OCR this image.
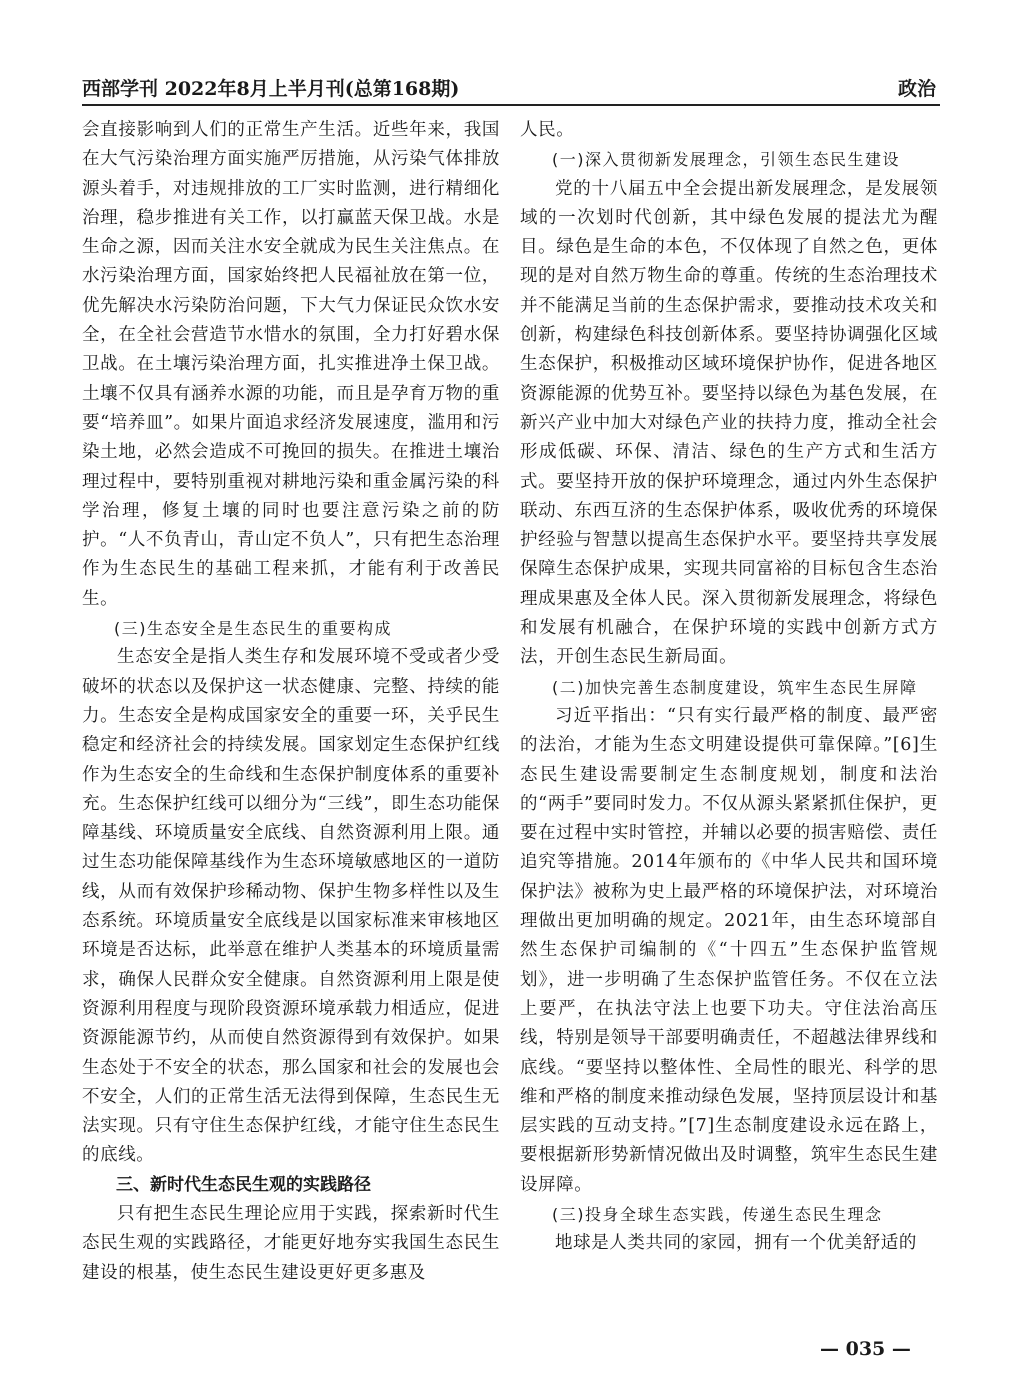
西部学刊 2022年8月上半月刊(总第168期)	政治

会直接影响到人们的正常生产生活。近些年来，我国在大气污染治理方面实施严厉措施，从污染气体排放源头着手，对违规排放的工厂实时监测，进行精细化治理，稳步推进有关工作，以打赢蓝天保卫战。水是生命之源，因而关注水安全就成为民生关注焦点。在水污染治理方面，国家始终把人民福祉放在第一位，优先解决水污染防治问题，下大气力保证民众饮水安全，在全社会营造节水惜水的氛围，全力打好碧水保卫战。在土壤污染治理方面，扎实推进净土保卫战。土壤不仅具有涵养水源的功能，而且是孕育万物的重要“培养皿”。如果片面追求经济发展速度，滥用和污染土地，必然会造成不可挽回的损失。在推进土壤治理过程中，要特别重视对耕地污染和重金属污染的科学治理，修复土壤的同时也要注意污染之前的防护。“人不负青山，青山定不负人”，只有把生态治理作为生态民生的基础工程来抓，才能有利于改善民生。

(三)生态安全是生态民生的重要构成

生态安全是指人类生存和发展环境不受或者少受破坏的状态以及保护这一状态健康、完整、持续的能力。生态安全是构成国家安全的重要一环，关乎民生稳定和经济社会的持续发展。国家划定生态保护红线作为生态安全的生命线和生态保护制度体系的重要补充。生态保护红线可以细分为“三线”，即生态功能保障基线、环境质量安全底线、自然资源利用上限。通过生态功能保障基线作为生态环境敏感地区的一道防线，从而有效保护珍稀动物、保护生物多样性以及生态系统。环境质量安全底线是以国家标准来审核地区环境是否达标，此举意在维护人类基本的环境质量需求，确保人民群众安全健康。自然资源利用上限是使资源利用程度与现阶段资源环境承载力相适应，促进资源能源节约，从而使自然资源得到有效保护。如果生态处于不安全的状态，那么国家和社会的发展也会不安全，人们的正常生活无法得到保障，生态民生无法实现。只有守住生态保护红线，才能守住生态民生的底线。

三、新时代生态民生观的实践路径

只有把生态民生理论应用于实践，探索新时代生态民生观的实践路径，才能更好地夯实我国生态民生建设的根基，使生态民生建设更好更多惠及

人民。

(一)深入贯彻新发展理念，引领生态民生建设

党的十八届五中全会提出新发展理念，是发展领域的一次划时代创新，其中绿色发展的提法尤为醒目。绿色是生命的本色，不仅体现了自然之色，更体现的是对自然万物生命的尊重。传统的生态治理技术并不能满足当前的生态保护需求，要推动技术攻关和创新，构建绿色科技创新体系。要坚持协调强化区域生态保护，积极推动区域环境保护协作，促进各地区资源能源的优势互补。要坚持以绿色为基色发展，在新兴产业中加大对绿色产业的扶持力度，推动全社会形成低碳、环保、清洁、绿色的生产方式和生活方式。要坚持开放的保护环境理念，通过内外生态保护联动、东西互济的生态保护体系，吸收优秀的环境保护经验与智慧以提高生态保护水平。要坚持共享发展保障生态保护成果，实现共同富裕的目标包含生态治理成果惠及全体人民。深入贯彻新发展理念，将绿色和发展有机融合，在保护环境的实践中创新方式方法，开创生态民生新局面。

(二)加快完善生态制度建设，筑牢生态民生屏障

习近平指出：“只有实行最严格的制度、最严密的法治，才能为生态文明建设提供可靠保障。”[6]生态民生建设需要制定生态制度规划，制度和法治的“两手”要同时发力。不仅从源头紧紧抓住保护，更要在过程中实时管控，并辅以必要的损害赔偿、责任追究等措施。2014年颁布的《中华人民共和国环境保护法》被称为史上最严格的环境保护法，对环境治理做出更加明确的规定。2021年，由生态环境部自然生态保护司编制的《“十四五”生态保护监管规划》，进一步明确了生态保护监管任务。不仅在立法上要严，在执法守法上也要下功夫。守住法治高压线，特别是领导干部要明确责任，不超越法律界线和底线。“要坚持以整体性、全局性的眼光、科学的思维和严格的制度来推动绿色发展，坚持顶层设计和基层实践的互动支持。”[7]生态制度建设永远在路上，要根据新形势新情况做出及时调整，筑牢生态民生建设屏障。

(三)投身全球生态实践，传递生态民生理念

地球是人类共同的家园，拥有一个优美舒适的

— 035 —
